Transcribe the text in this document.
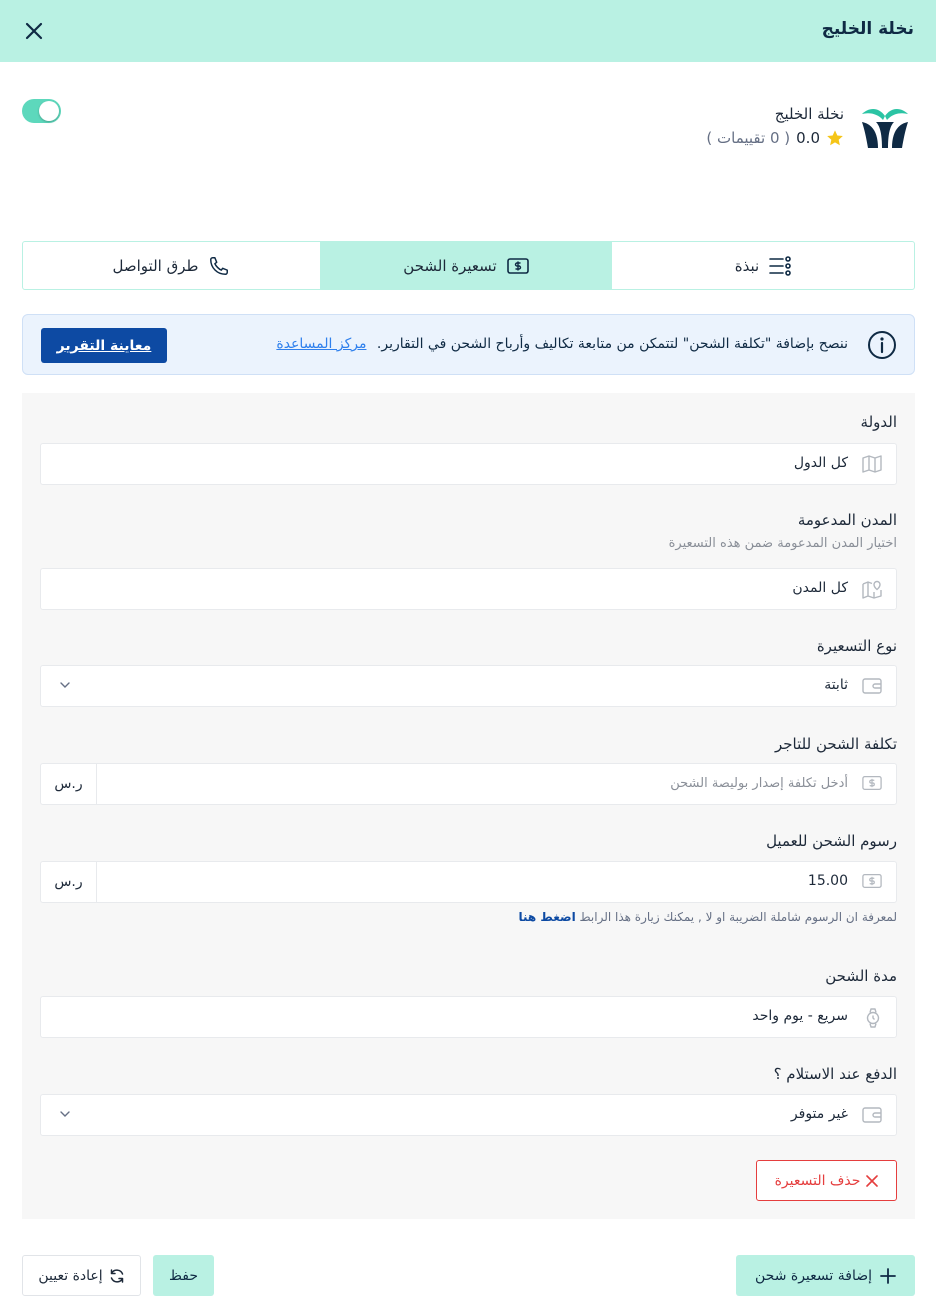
نخلة الخليج
نخلة الخليج
0.0
( 0 تقييمات )
نبذة
تسعيرة الشحن
طرق التواصل
ننصح بإضافة "تكلفة الشحن" لتتمكن من متابعة تكاليف وأرباح الشحن في التقارير. مركز المساعدة
معاينة التقرير
الدولة
كل الدول
المدن المدعومة
اختيار المدن المدعومة ضمن هذه التسعيرة
كل المدن
نوع التسعيرة
ثابتة
تكلفة الشحن للتاجر
أدخل تكلفة إصدار بوليصة الشحن
ر.س
رسوم الشحن للعميل
15.00
ر.س
لمعرفة ان الرسوم شاملة الضريبة او لا , يمكنك زيارة هذا الرابط اضغط هنا
مدة الشحن
سريع - يوم واحد
الدفع عند الاستلام ؟
غير متوفر
حذف التسعيرة
إضافة تسعيرة شحن
حفظ
إعادة تعيين
